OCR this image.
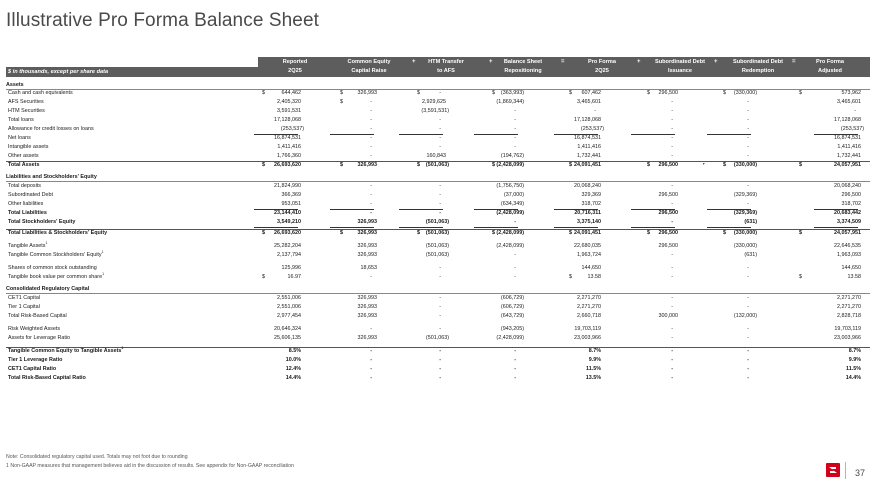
Illustrative Pro Forma Balance Sheet
$ in thousands, except per share data
Reported
2Q25
Common Equity
Capital Raise
HTM Transfer
to AFS
Balance Sheet
Repositioning
Pro Forma
2Q25
Subordinated Debt
Issuance
Subordinated Debt
Redemption
Pro Forma
Adjusted
+	+	=	+	+	=
Assets
Cash and cash equivalents	644,462	326,993	-	(363,993)	607,462	296,500	(330,000)	573,962
$	$	$	$	$	$	$	$
AFS Securities	2,405,320	-	2,929,625	(1,869,344)	3,465,601	-	-	3,465,601
$
HTM Securities	3,591,531	-	(3,591,531)	-	-	-	-	-
Total loans	17,128,068	-	-	-	17,128,068	-	-	17,128,068
Allowance for credit losses on loans	(253,537)	-	-	-	(253,537)	-	-	(253,537)
Net loans	16,874,531	-	-	-	16,874,531	-	-	16,874,531
Intangible assets	1,411,416	-	-	-	1,411,416	-	-	1,411,416
Other assets	1,766,360	-	160,843	(194,762)	1,732,441	-	-	1,732,441
Total Assets	26,693,620	326,993	(501,063)	(2,428,099)	24,091,451	296,500	(330,000)	24,057,951
$	$	$	$	$	$	$	$
Liabilities and Stockholders' Equity
Total deposits	21,824,990	-	-	(1,756,750)	20,068,240	-	-	20,068,240
Subordinated Debt	366,369	-	-	(37,000)	329,369	296,500	(329,369)	296,500
Other liabilities	953,051	-	-	(634,349)	318,702	-	-	318,702
Total Liabilities	23,144,410	-	-	(2,428,099)	20,716,311	296,500	(329,369)	20,683,442
Total Stockholders' Equity	3,549,210	326,993	(501,063)	-	3,375,140	-	(631)	3,374,509
Total Liabilities & Stockholders' Equity	26,693,620	326,993	(501,063)	(2,428,099)	24,091,451	296,500	(330,000)	24,057,951
$	$	$	$	$	$	$	$
Tangible Assets$^1$	25,282,204	326,993	(501,063)	(2,428,099)	22,680,035	296,500	(330,000)	22,646,535
Tangible Common Stockholders' Equity$^1$	2,137,794	326,993	(501,063)	-	1,963,724	-	(631)	1,963,093
Shares of common stock outstanding	125,996	18,653	-	-	144,650	-	-	144,650
Tangible book value per common share$^1$	16.97	-	-	-	13.58	-	-	13.58
$	$	$
Consolidated Regulatory Capital
CET1 Capital	2,551,006	326,993	-	(606,729)	2,271,270	-	-	2,271,270
Tier 1 Capital	2,551,006	326,993	-	(606,729)	2,271,270	-	-	2,271,270
Total Risk-Based Capital	2,977,454	326,993	-	(643,729)	2,660,718	300,000	(132,000)	2,828,718
Risk Weighted Assets	20,646,324	-	-	(943,205)	19,703,119	-	-	19,703,119
Assets for Leverage Ratio	25,606,135	326,993	(501,063)	(2,428,099)	23,003,966	-	-	23,003,966
Tangible Common Equity to Tangible Assets$^1$	8.5%	-	-	-	8.7%	-	-	8.7%
Tier 1 Leverage Ratio	10.0%	-	-	-	9.9%	-	-	9.9%
CET1 Capital Ratio	12.4%	-	-	-	11.5%	-	-	11.5%
Total Risk-Based Capital Ratio	14.4%	-	-	-	13.5%	-	-	14.4%
Note: Consolidated regulatory capital used. Totals may not foot due to rounding
1 Non-GAAP measures that management believes aid in the discussion of results. See appendix for Non-GAAP reconciliation
37
